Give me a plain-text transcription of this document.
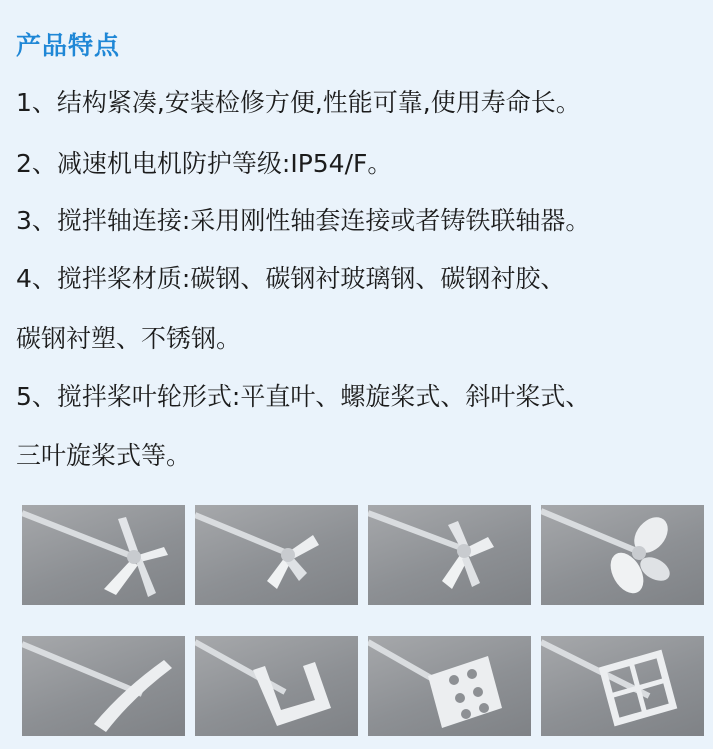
产品特点
1、结构紧凑,安装检修方便,性能可靠,使用寿命长。
2、减速机电机防护等级:IP54/F。
3、搅拌轴连接:采用刚性轴套连接或者铸铁联轴器。
4、搅拌桨材质:碳钢、碳钢衬玻璃钢、碳钢衬胶、
碳钢衬塑、不锈钢。
5、搅拌桨叶轮形式:平直叶、螺旋桨式、斜叶桨式、
三叶旋桨式等。
